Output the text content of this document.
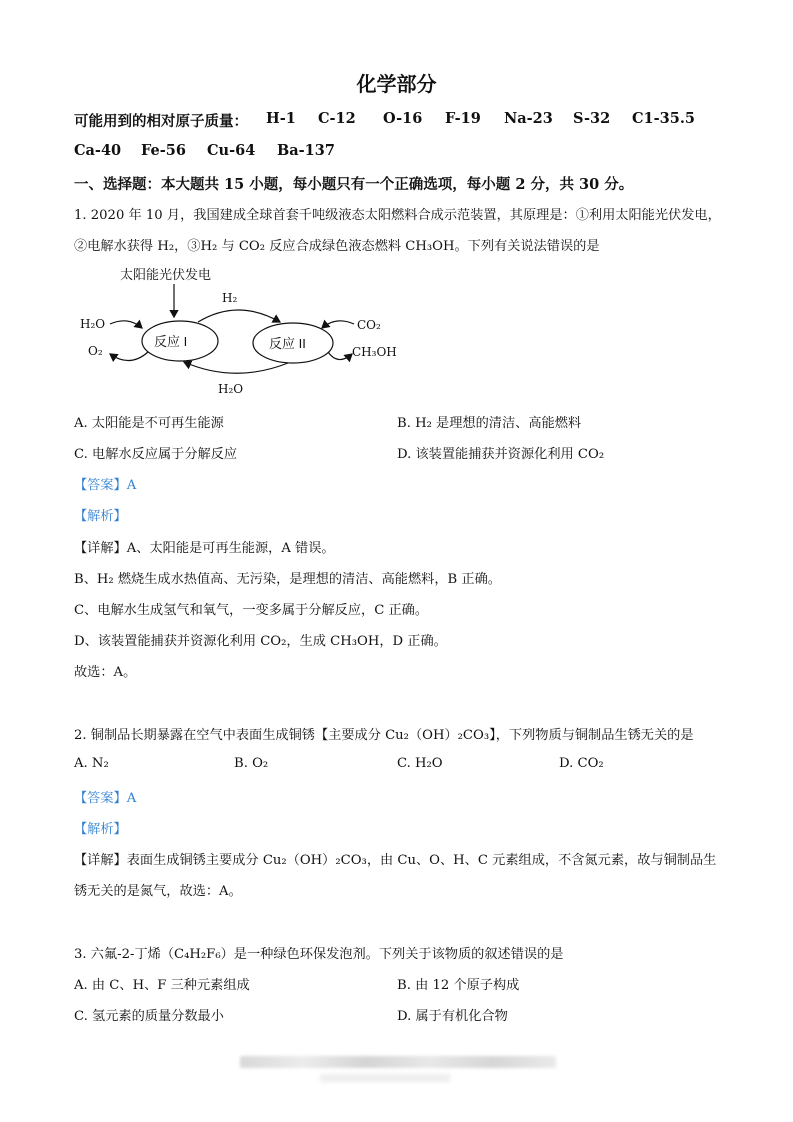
化学部分
可能用到的相对原子质量： H-1 C-12 O-16 F-19 Na-23 S-32 C1-35.5
Ca-40 Fe-56 Cu-64 Ba-137
一、选择题：本大题共 15 小题，每小题只有一个正确选项，每小题 2 分，共 30 分。
1. 2020 年 10 月，我国建成全球首套千吨级液态太阳燃料合成示范装置，其原理是：①利用太阳能光伏发电，
②电解水获得 H₂，③H₂ 与 CO₂ 反应合成绿色液态燃料 CH₃OH。下列有关说法错误的是
太阳能光伏发电
反应 I	反应 II
H₂
H₂O
H₂O
O₂
CO₂
CH₃OH
A. 太阳能是不可再生能源	B. H₂ 是理想的清洁、高能燃料
C. 电解水反应属于分解反应	D. 该装置能捕获并资源化利用 CO₂
【答案】A
【解析】
【详解】A、太阳能是可再生能源，A 错误。
B、H₂ 燃烧生成水热值高、无污染，是理想的清洁、高能燃料，B 正确。
C、电解水生成氢气和氧气，一变多属于分解反应，C 正确。
D、该装置能捕获并资源化利用 CO₂，生成 CH₃OH，D 正确。
故选：A。
2. 铜制品长期暴露在空气中表面生成铜锈【主要成分 Cu₂（OH）₂CO₃】，下列物质与铜制品生锈无关的是
A. N₂	B. O₂	C. H₂O	D. CO₂
【答案】A
【解析】
【详解】表面生成铜锈主要成分 Cu₂（OH）₂CO₃，由 Cu、O、H、C 元素组成，不含氮元素，故与铜制品生
锈无关的是氮气，故选：A。
3. 六氟-2-丁烯（C₄H₂F₆）是一种绿色环保发泡剂。下列关于该物质的叙述错误的是
A. 由 C、H、F 三种元素组成	B. 由 12 个原子构成
C. 氢元素的质量分数最小	D. 属于有机化合物
